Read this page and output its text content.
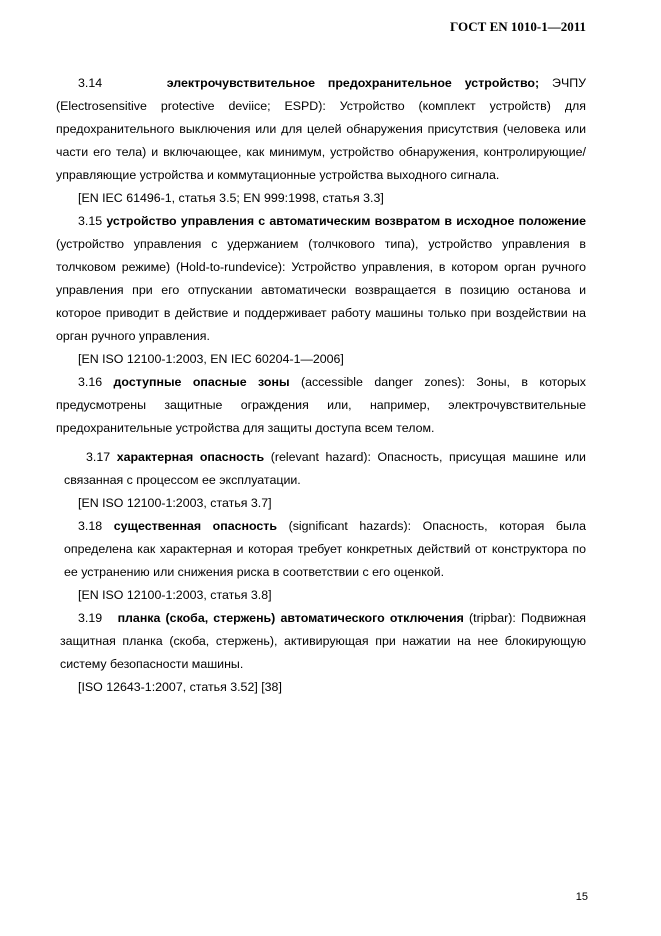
ГОСТ EN 1010-1—2011

3.14	электрочувствительное предохранительное устройство; ЭЧПУ (Electrosensitive protective deviice; ESPD): Устройство (комплект устройств) для предохранительного выключения или для целей обнаружения присутствия (человека или части его тела) и включающее, как минимум, устройство обнаружения, контролирующие/управляющие устройства и коммутационные устройства выходного сигнала.

[EN IEC 61496-1, статья 3.5; EN 999:1998, статья 3.3]

3.15 устройство управления с автоматическим возвратом в исходное положение (устройство управления с удержанием (толчкового типа), устройство управления в толчковом режиме) (Hold-to-rundevice): Устройство управления, в котором орган ручного управления при его отпускании автоматически возвращается в позицию останова и которое приводит в действие и поддерживает работу машины только при воздействии на орган ручного управления.

[EN ISO 12100-1:2003, EN IEC 60204-1—2006]

3.16 доступные опасные зоны (accessible danger zones): Зоны, в которых предусмотрены защитные ограждения или, например, электрочувствительные предохранительные устройства для защиты доступа всем телом.

3.17 характерная опасность (relevant hazard): Опасность, присущая машине или связанная с процессом ее эксплуатации.

[EN ISO 12100-1:2003, статья 3.7]

3.18 существенная опасность (significant hazards): Опасность, которая была определена как характерная и которая требует конкретных действий от конструктора по ее устранению или снижения риска в соответствии с его оценкой.

[EN ISO 12100-1:2003, статья 3.8]

3.19 планка (скоба, стержень) автоматического отключения (tripbar): Подвижная защитная планка (скоба, стержень), активирующая при нажатии на нее блокирующую систему безопасности машины.

[ISO 12643-1:2007, статья 3.52] [38]

15
